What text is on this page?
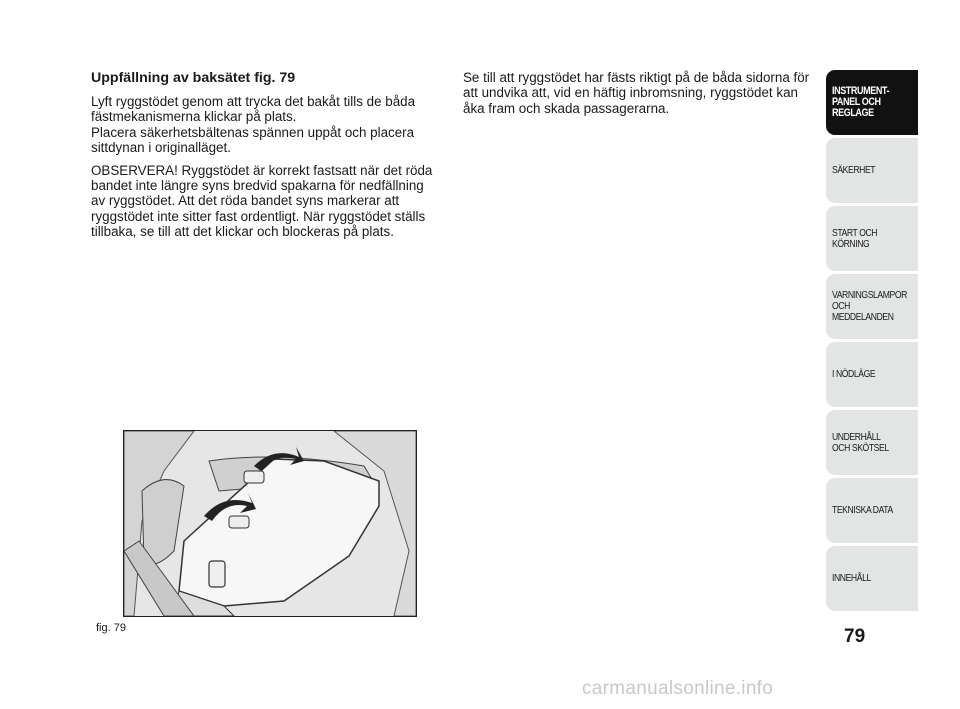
Uppfällning av baksätet fig. 79

Lyft ryggstödet genom att trycka det bakåt tills de båda fästmekanismerna klickar på plats.
Placera säkerhetsbältenas spännen uppåt och placera sittdynan i originalläget.

OBSERVERA! Ryggstödet är korrekt fastsatt när det röda bandet inte längre syns bredvid spakarna för nedfällning av ryggstödet. Att det röda bandet syns markerar att ryggstödet inte sitter fast ordentligt. När ryggstödet ställs tillbaka, se till att det klickar och blockeras på plats.

Se till att ryggstödet har fästs riktigt på de båda sidorna för att undvika att, vid en häftig inbromsning, ryggstödet kan åka fram och skada passagerarna.

fig. 79
INSTRUMENT-
PANEL OCH
REGLAGE
SÄKERHET
START OCH
KÖRNING
VARNINGSLAMPOR
OCH
MEDDELANDEN
I NÖDLÄGE
UNDERHÅLL
OCH SKÖTSEL
TEKNISKA DATA
INNEHÅLL
79
carmanualsonline.info
